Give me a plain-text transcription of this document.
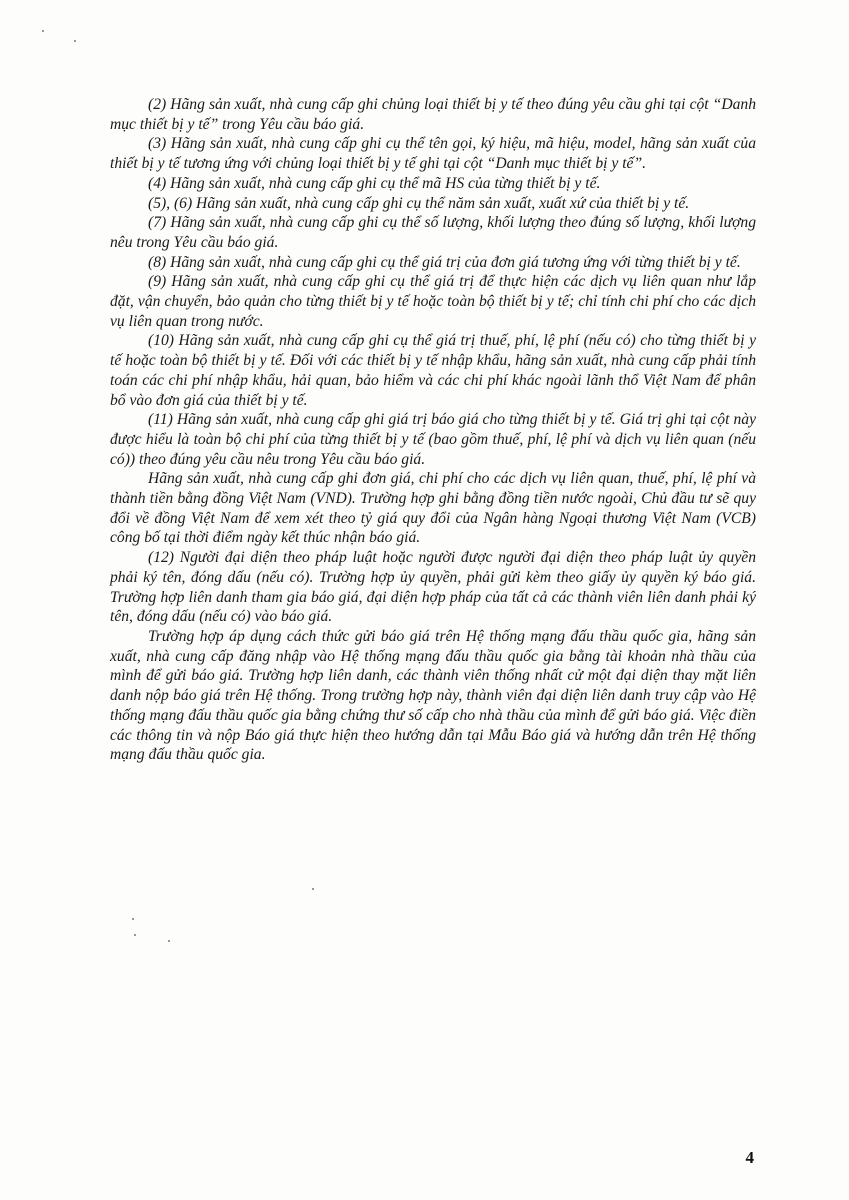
(2) Hãng sản xuất, nhà cung cấp ghi chủng loại thiết bị y tế theo đúng yêu cầu ghi tại cột “Danh mục thiết bị y tế” trong Yêu cầu báo giá.

(3) Hãng sản xuất, nhà cung cấp ghi cụ thể tên gọi, ký hiệu, mã hiệu, model, hãng sản xuất của thiết bị y tế tương ứng với chủng loại thiết bị y tế ghi tại cột “Danh mục thiết bị y tế”.

(4) Hãng sản xuất, nhà cung cấp ghi cụ thể mã HS của từng thiết bị y tế.

(5), (6) Hãng sản xuất, nhà cung cấp ghi cụ thể năm sản xuất, xuất xứ của thiết bị y tế.

(7) Hãng sản xuất, nhà cung cấp ghi cụ thể số lượng, khối lượng theo đúng số lượng, khối lượng nêu trong Yêu cầu báo giá.

(8) Hãng sản xuất, nhà cung cấp ghi cụ thể giá trị của đơn giá tương ứng với từng thiết bị y tế.

(9) Hãng sản xuất, nhà cung cấp ghi cụ thể giá trị để thực hiện các dịch vụ liên quan như lắp đặt, vận chuyển, bảo quản cho từng thiết bị y tế hoặc toàn bộ thiết bị y tế; chỉ tính chi phí cho các dịch vụ liên quan trong nước.

(10) Hãng sản xuất, nhà cung cấp ghi cụ thể giá trị thuế, phí, lệ phí (nếu có) cho từng thiết bị y tế hoặc toàn bộ thiết bị y tế. Đối với các thiết bị y tế nhập khẩu, hãng sản xuất, nhà cung cấp phải tính toán các chi phí nhập khẩu, hải quan, bảo hiểm và các chi phí khác ngoài lãnh thổ Việt Nam để phân bổ vào đơn giá của thiết bị y tế.

(11) Hãng sản xuất, nhà cung cấp ghi giá trị báo giá cho từng thiết bị y tế. Giá trị ghi tại cột này được hiểu là toàn bộ chi phí của từng thiết bị y tế (bao gồm thuế, phí, lệ phí và dịch vụ liên quan (nếu có)) theo đúng yêu cầu nêu trong Yêu cầu báo giá.

Hãng sản xuất, nhà cung cấp ghi đơn giá, chi phí cho các dịch vụ liên quan, thuế, phí, lệ phí và thành tiền bằng đồng Việt Nam (VND). Trường hợp ghi bằng đồng tiền nước ngoài, Chủ đầu tư sẽ quy đổi về đồng Việt Nam để xem xét theo tỷ giá quy đổi của Ngân hàng Ngoại thương Việt Nam (VCB) công bố tại thời điểm ngày kết thúc nhận báo giá.

(12) Người đại diện theo pháp luật hoặc người được người đại diện theo pháp luật ủy quyền phải ký tên, đóng dấu (nếu có). Trường hợp ủy quyền, phải gửi kèm theo giấy ủy quyền ký báo giá. Trường hợp liên danh tham gia báo giá, đại diện hợp pháp của tất cả các thành viên liên danh phải ký tên, đóng dấu (nếu có) vào báo giá.

Trường hợp áp dụng cách thức gửi báo giá trên Hệ thống mạng đấu thầu quốc gia, hãng sản xuất, nhà cung cấp đăng nhập vào Hệ thống mạng đấu thầu quốc gia bằng tài khoản nhà thầu của mình để gửi báo giá. Trường hợp liên danh, các thành viên thống nhất cử một đại diện thay mặt liên danh nộp báo giá trên Hệ thống. Trong trường hợp này, thành viên đại diện liên danh truy cập vào Hệ thống mạng đấu thầu quốc gia bằng chứng thư số cấp cho nhà thầu của mình để gửi báo giá. Việc điền các thông tin và nộp Báo giá thực hiện theo hướng dẫn tại Mẫu Báo giá và hướng dẫn trên Hệ thống mạng đấu thầu quốc gia.

4
